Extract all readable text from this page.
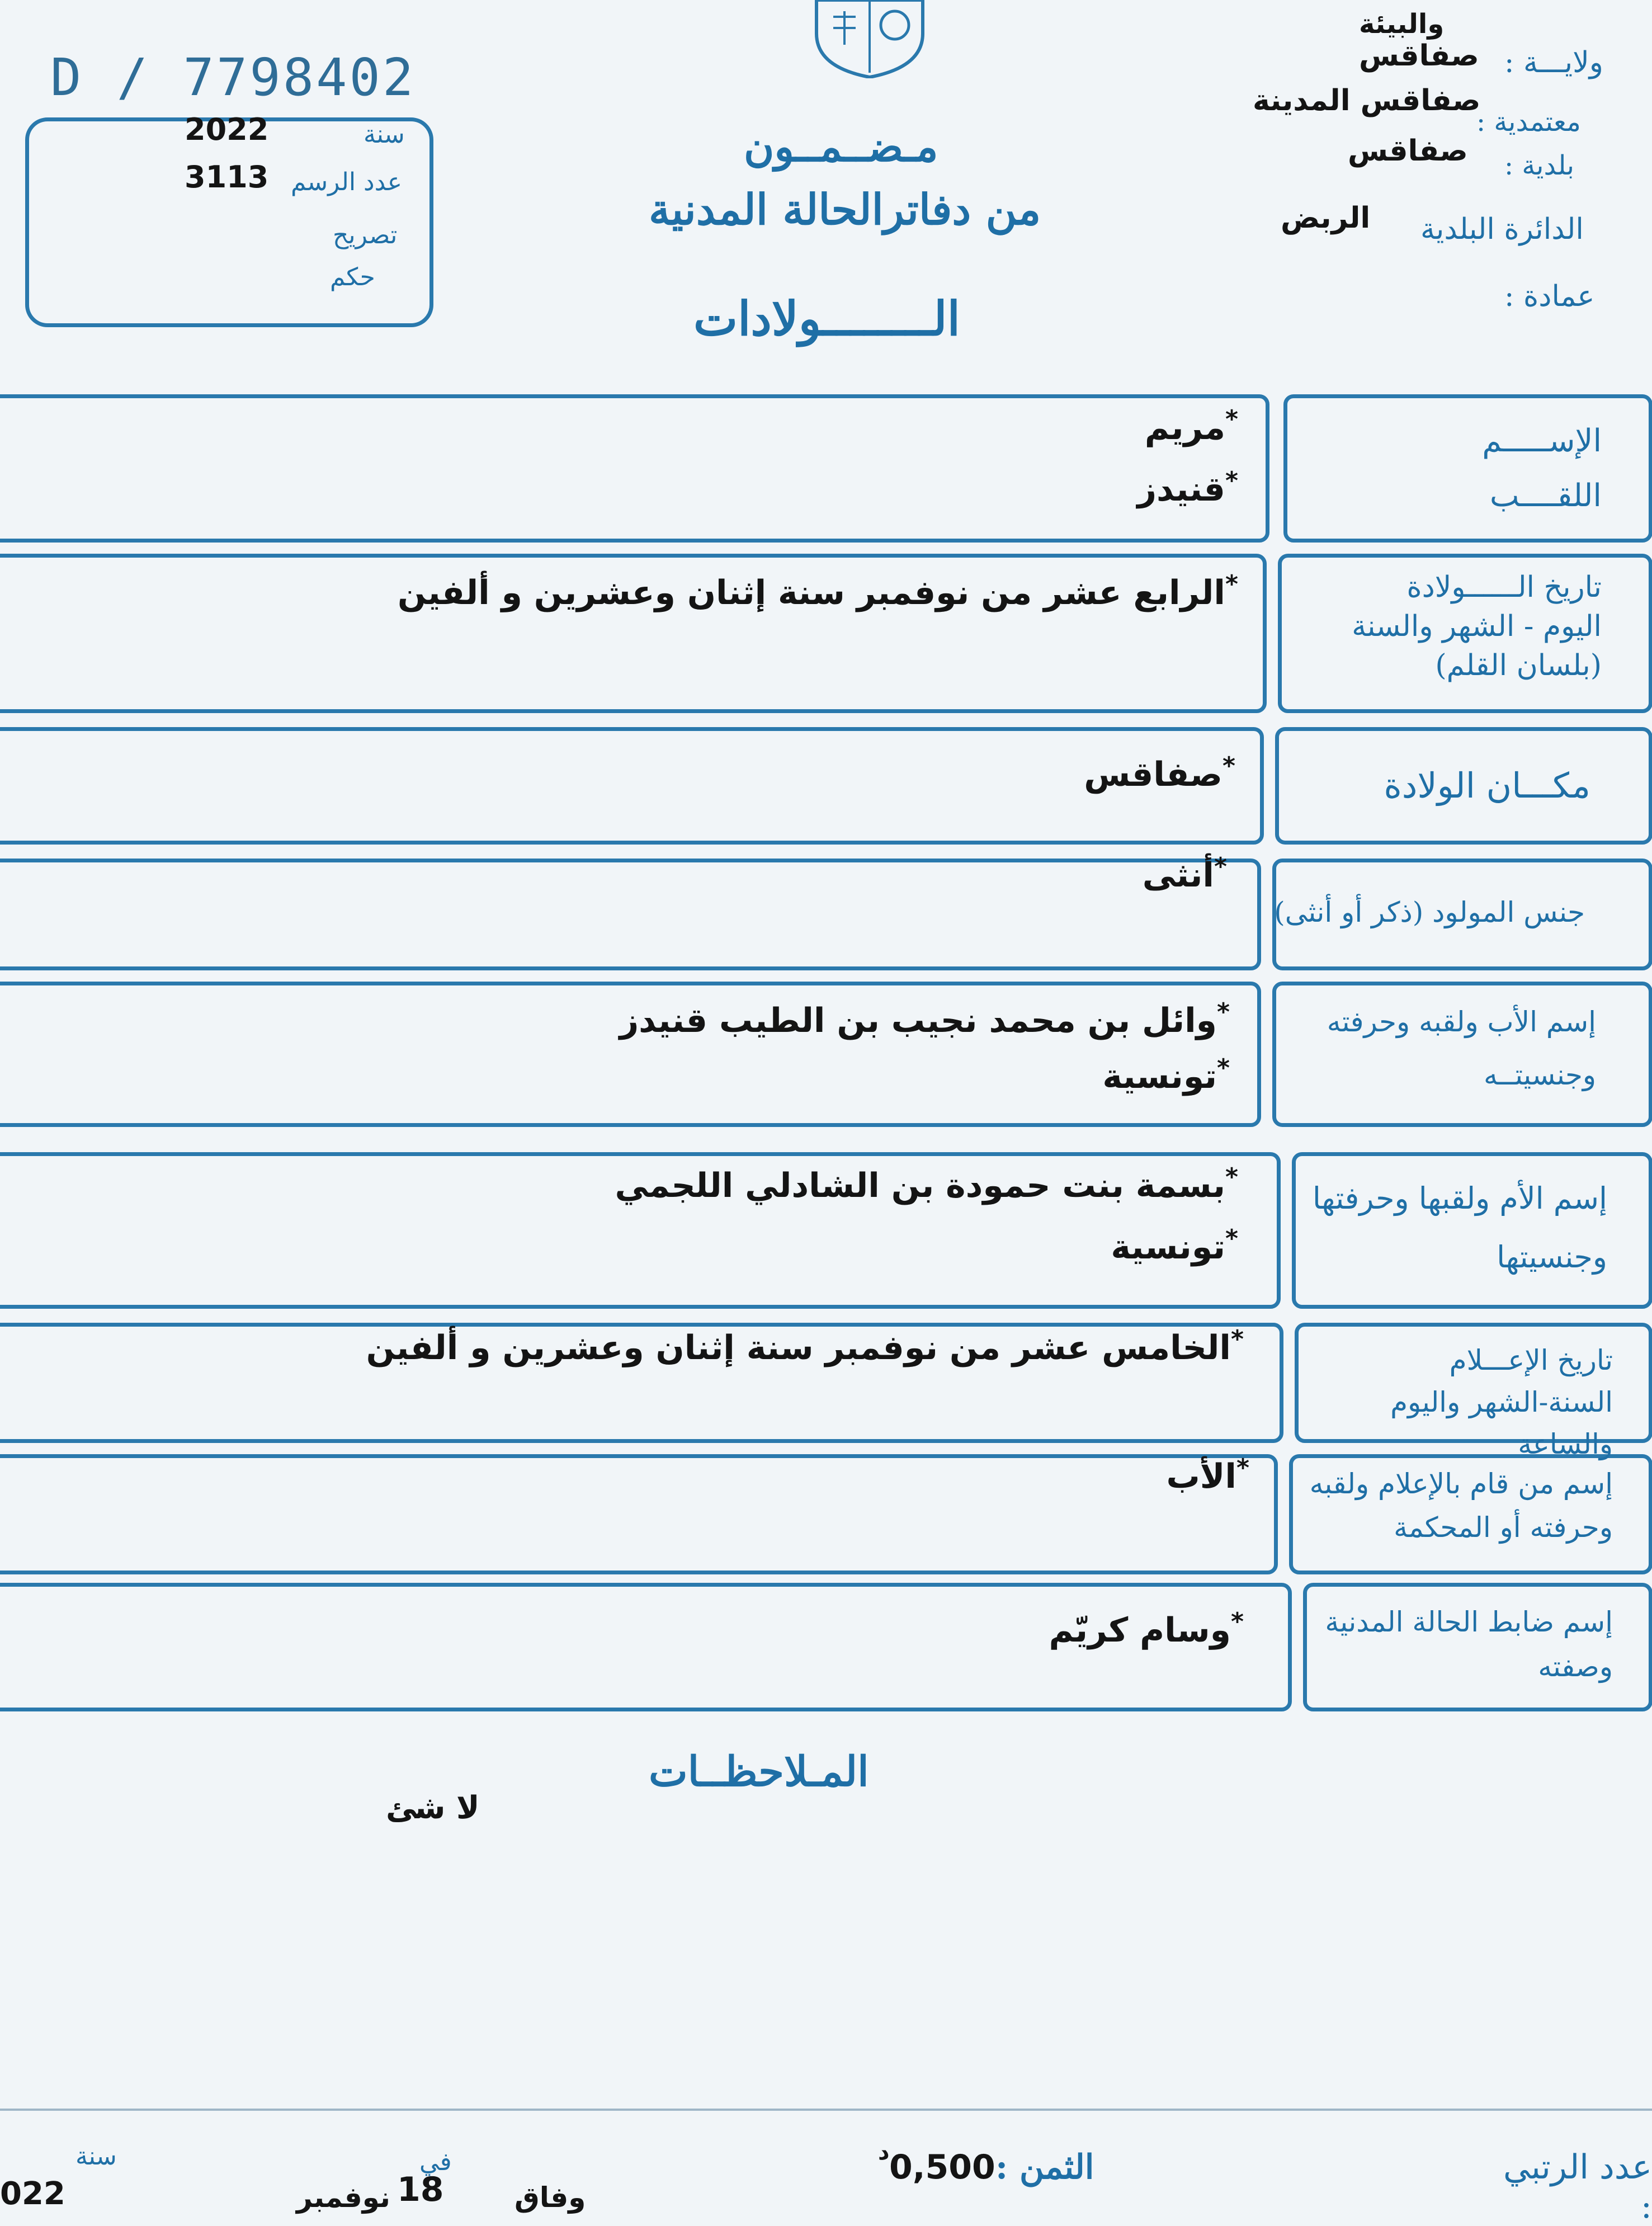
D / 7798402
2022	سنة
3113 عدد الرسم
تصريح
حكم
مـضــمــون
من دفاترالحالة المدنية
الــــــــولادات
والبيئة
صفاقس ولايـــة :
صفاقس المدينة
معتمدية :
صفاقس بلدية :
الربض الدائرة البلدية
عمادة :
الإســـــم
اللقــــب
تاريخ الــــــولادة
اليوم - الشهر والسنة
(بلسان القلم)
مكـــان الولادة
جنس المولود (ذكر أو أنثى)
إسم الأب ولقبه وحرفته
وجنسيتــه
إسم الأم ولقبها وحرفتها
وجنسيتها
تاريخ الإعـــلام
السنة-الشهر واليوم والساعة
إسم من قام بالإعلام ولقبه
وحرفته أو المحكمة
إسم ضابط الحالة المدنية
وصفته
*مريم
*قنيدز
*الرابع عشر من نوفمبر سنة إثنان وعشرين و ألفين
*صفاقس
*أنثى
*وائل بن محمد نجيب بن الطيب قنيدز
*تونسية
*بسمة بنت حمودة بن الشادلي اللجمي
*تونسية
*الخامس عشر من نوفمبر سنة إثنان وعشرين و ألفين
*الأب
*وسام كريّم
المـلاحظــات
لا شئ
عدد الرتبي :
الثمن :
0,500
د
في
18
نوفمبر	وفاق
سنة
022
